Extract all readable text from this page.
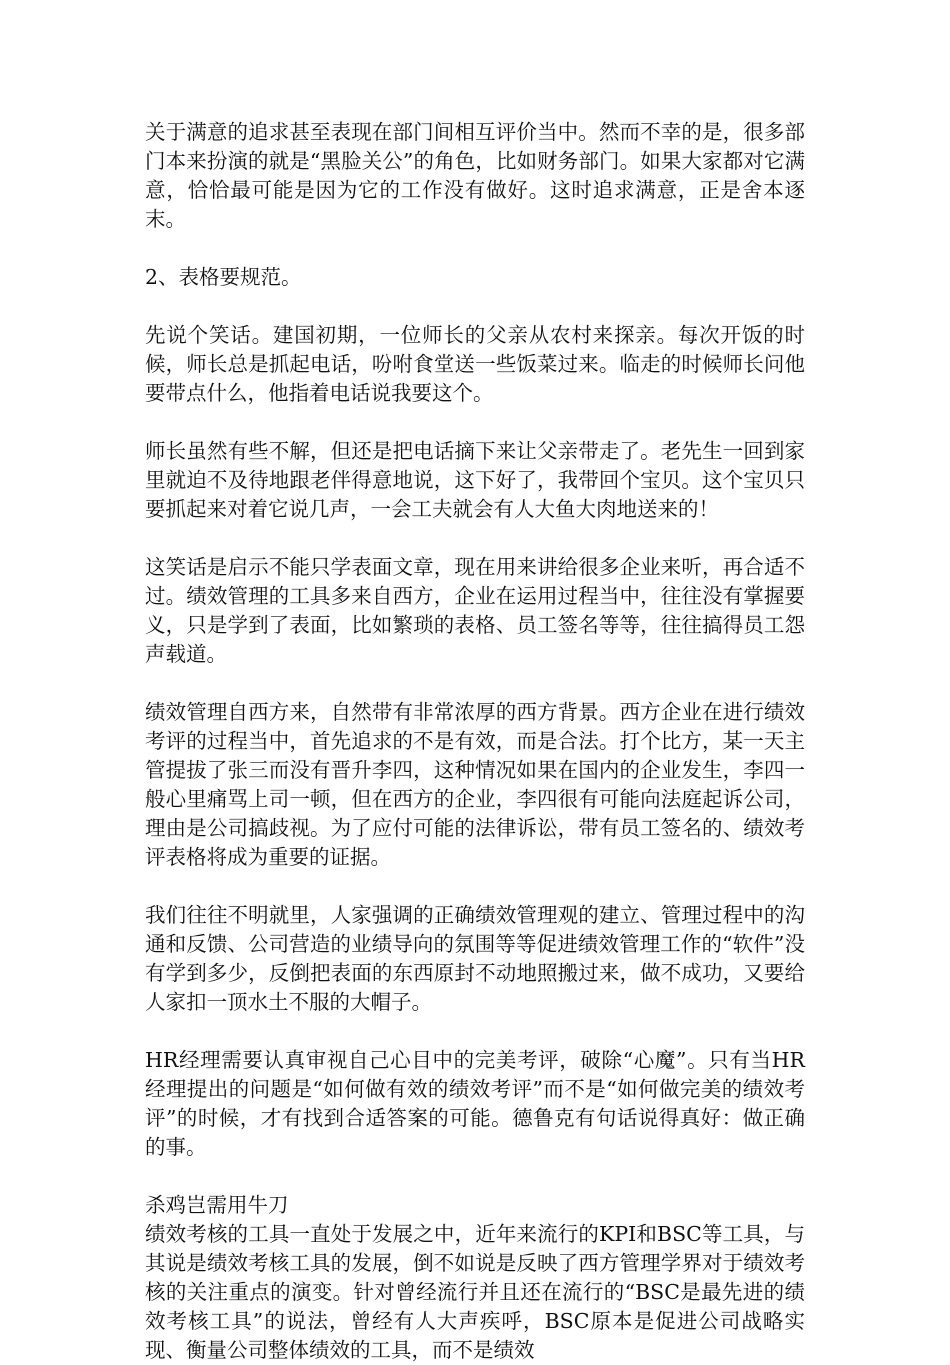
关于满意的追求甚至表现在部门间相互评价当中。然而不幸的是，很多部门本来扮演的就是“黑脸关公”的角色，比如财务部门。如果大家都对它满意，恰恰最可能是因为它的工作没有做好。这时追求满意，正是舍本逐末。

2、表格要规范。

先说个笑话。建国初期，一位师长的父亲从农村来探亲。每次开饭的时候，师长总是抓起电话，吩咐食堂送一些饭菜过来。临走的时候师长问他要带点什么，他指着电话说我要这个。

师长虽然有些不解，但还是把电话摘下来让父亲带走了。老先生一回到家里就迫不及待地跟老伴得意地说，这下好了，我带回个宝贝。这个宝贝只要抓起来对着它说几声，一会工夫就会有人大鱼大肉地送来的！

这笑话是启示不能只学表面文章，现在用来讲给很多企业来听，再合适不过。绩效管理的工具多来自西方，企业在运用过程当中，往往没有掌握要义，只是学到了表面，比如繁琐的表格、员工签名等等，往往搞得员工怨声载道。

绩效管理自西方来，自然带有非常浓厚的西方背景。西方企业在进行绩效考评的过程当中，首先追求的不是有效，而是合法。打个比方，某一天主管提拔了张三而没有晋升李四，这种情况如果在国内的企业发生，李四一般心里痛骂上司一顿，但在西方的企业，李四很有可能向法庭起诉公司，理由是公司搞歧视。为了应付可能的法律诉讼，带有员工签名的、绩效考评表格将成为重要的证据。

我们往往不明就里，人家强调的正确绩效管理观的建立、管理过程中的沟通和反馈、公司营造的业绩导向的氛围等等促进绩效管理工作的“软件”没有学到多少，反倒把表面的东西原封不动地照搬过来，做不成功，又要给人家扣一顶水土不服的大帽子。

HR经理需要认真审视自己心目中的完美考评，破除“心魔”。只有当HR经理提出的问题是“如何做有效的绩效考评”而不是“如何做完美的绩效考评”的时候，才有找到合适答案的可能。德鲁克有句话说得真好：做正确的事。

杀鸡岂需用牛刀

绩效考核的工具一直处于发展之中，近年来流行的KPI和BSC等工具，与其说是绩效考核工具的发展，倒不如说是反映了西方管理学界对于绩效考核的关注重点的演变。针对曾经流行并且还在流行的“BSC是最先进的绩效考核工具”的说法，曾经有人大声疾呼，BSC原本是促进公司战略实现、衡量公司整体绩效的工具，而不是绩效
